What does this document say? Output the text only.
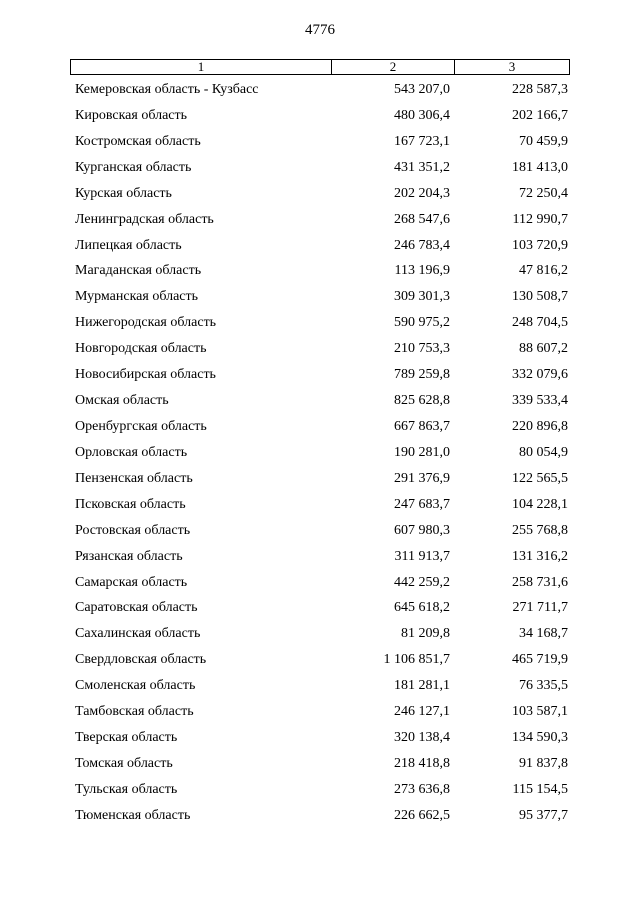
4776
1	2	3
Кемеровская область - Кузбасс	543 207,0	228 587,3
Кировская область	480 306,4	202 166,7
Костромская область	167 723,1	70 459,9
Курганская область	431 351,2	181 413,0
Курская область	202 204,3	72 250,4
Ленинградская область	268 547,6	112 990,7
Липецкая область	246 783,4	103 720,9
Магаданская область	113 196,9	47 816,2
Мурманская область	309 301,3	130 508,7
Нижегородская область	590 975,2	248 704,5
Новгородская область	210 753,3	88 607,2
Новосибирская область	789 259,8	332 079,6
Омская область	825 628,8	339 533,4
Оренбургская область	667 863,7	220 896,8
Орловская область	190 281,0	80 054,9
Пензенская область	291 376,9	122 565,5
Псковская область	247 683,7	104 228,1
Ростовская область	607 980,3	255 768,8
Рязанская область	311 913,7	131 316,2
Самарская область	442 259,2	258 731,6
Саратовская область	645 618,2	271 711,7
Сахалинская область	81 209,8	34 168,7
Свердловская область	1 106 851,7	465 719,9
Смоленская область	181 281,1	76 335,5
Тамбовская область	246 127,1	103 587,1
Тверская область	320 138,4	134 590,3
Томская область	218 418,8	91 837,8
Тульская область	273 636,8	115 154,5
Тюменская область	226 662,5	95 377,7
